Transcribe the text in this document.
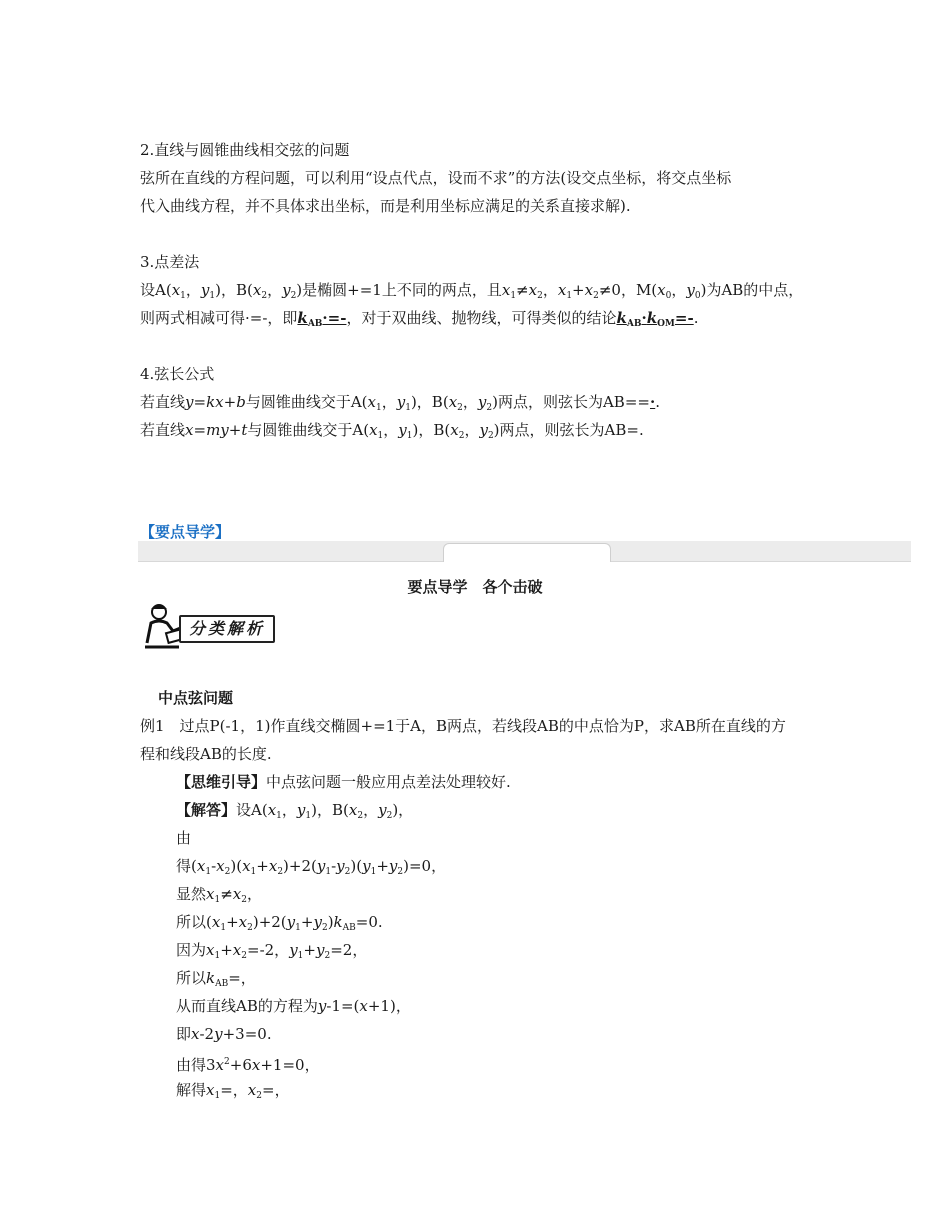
2.直线与圆锥曲线相交弦的问题
弦所在直线的方程问题，可以利用“设点代点，设而不求”的方法(设交点坐标，将交点坐标
代入曲线方程，并不具体求出坐标，而是利用坐标应满足的关系直接求解).
3.点差法
设$A(x_1$，$y_1$)，$B(x_2$，$y_2$)是椭圆+=1上不同的两点，且$x_1\ne x_2$，$x_1+x_2\ne 0$，$M(x_0$，$y_0$)为AB的中点，
则两式相减可得·=-，即$k_{AB}\cdot=-$，对于双曲线、抛物线，可得类似的结论$k_{AB}\cdot k_{OM}=-$.
4.弦长公式
若直线y=kx+b与圆锥曲线交于$A(x_1$，$y_1$)，$B(x_2$，$y_2$)两点，则弦长为AB==·.
若直线x=my+t与圆锥曲线交于$A(x_1$，$y_1$)，$B(x_2$，$y_2$)两点，则弦长为AB=.
【要点导学】
要点导学　各个击破
分类解析
中点弦问题
例1　过点P(-1，1)作直线交椭圆+=1于A，B两点，若线段AB的中点恰为P，求AB所在直线的方
程和线段AB的长度.
【思维引导】中点弦问题一般应用点差法处理较好.
【解答】设$A(x_1$，$y_1$)，$B(x_2$，$y_2$)，
由
得$(x_1-x_2)(x_1+x_2)+2(y_1-y_2)(y_1+y_2)=0$，
显然$x_1\ne x_2$，
所以$(x_1+x_2)+2(y_1+y_2)k_{AB}=0$.
因为$x_1+x_2=-2$，$y_1+y_2=2$，
所以$k_{AB}=$，
从而直线AB的方程为y-1=(x+1)，
即x-2y+3=0.
由得$3x^2+6x+1=0$，
解得$x_1=$，$x_2=$，
